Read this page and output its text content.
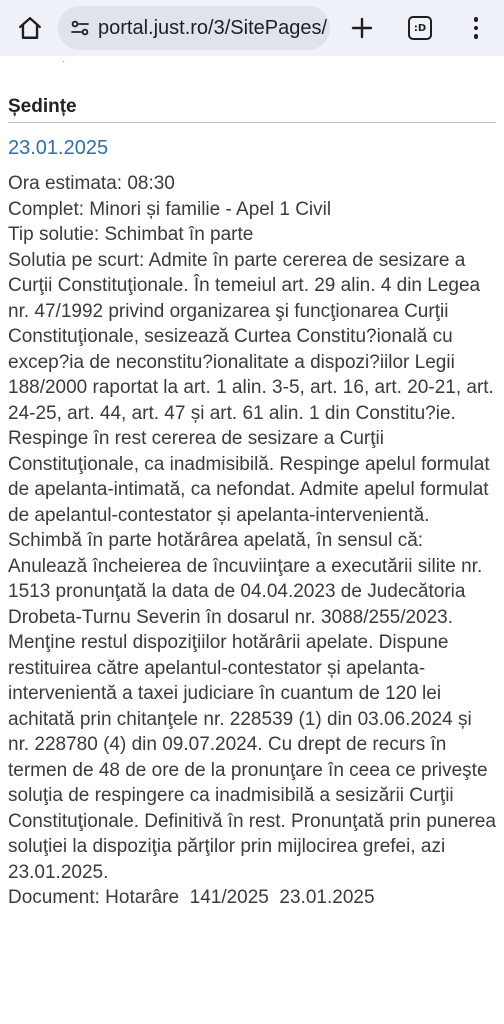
portal.just.ro/3/SitePages/	:D
·
Ședințe
23.01.2025
Ora estimata: 08:30
Complet: Minori și familie - Apel 1 Civil
Tip solutie: Schimbat în parte
Solutia pe scurt: Admite în parte cererea de sesizare a Curţii Constituţionale. În temeiul art. 29 alin. 4 din Legea nr. 47/1992 privind organizarea şi funcţionarea Curţii Constituţionale, sesizează Curtea Constitu?ională cu excep?ia de neconstitu?ionalitate a dispozi?iilor Legii 188/2000 raportat la art. 1 alin. 3-5, art. 16, art. 20-21, art. 24-25, art. 44, art. 47 și art. 61 alin. 1 din Constitu?ie. Respinge în rest cererea de sesizare a Curţii Constituţionale, ca inadmisibilă. Respinge apelul formulat de apelanta-intimată, ca nefondat. Admite apelul formulat de apelantul-contestator și apelanta-intervenientă. Schimbă în parte hotărârea apelată, în sensul că: Anulează încheierea de încuviinţare a executării silite nr. 1513 pronunţată la data de 04.04.2023 de Judecătoria Drobeta-Turnu Severin în dosarul nr. 3088/255/2023. Menţine restul dispoziţiilor hotărârii apelate. Dispune restituirea către apelantul-contestator și apelanta-intervenientă a taxei judiciare în cuantum de 120 lei achitată prin chitanţele nr. 228539 (1) din 03.06.2024 și nr. 228780 (4) din 09.07.2024. Cu drept de recurs în termen de 48 de ore de la pronunţare în ceea ce priveşte soluţia de respingere ca inadmisibilă a sesizării Curţii Constituţionale. Definitivă în rest. Pronunţată prin punerea soluţiei la dispoziţia părţilor prin mijlocirea grefei, azi 23.01.2025.
Document: Hotarâre  141/2025  23.01.2025
